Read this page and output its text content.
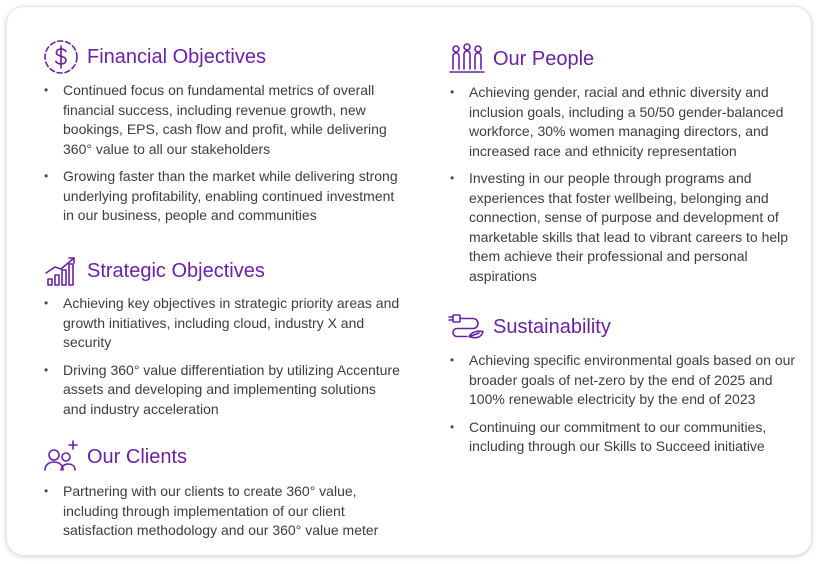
Financial Objectives
• Continued focus on fundamental metrics of overall financial success, including revenue growth, new bookings, EPS, cash flow and profit, while delivering 360° value to all our stakeholders
• Growing faster than the market while delivering strong underlying profitability, enabling continued investment in our business, people and communities
Strategic Objectives
• Achieving key objectives in strategic priority areas and growth initiatives, including cloud, industry X and security
• Driving 360° value differentiation by utilizing Accenture assets and developing and implementing solutions and industry acceleration
Our Clients
• Partnering with our clients to create 360° value, including through implementation of our client satisfaction methodology and our 360° value meter
Our People
• Achieving gender, racial and ethnic diversity and inclusion goals, including a 50/50 gender-balanced workforce, 30% women managing directors, and increased race and ethnicity representation
• Investing in our people through programs and experiences that foster wellbeing, belonging and connection, sense of purpose and development of marketable skills that lead to vibrant careers to help them achieve their professional and personal aspirations
Sustainability
• Achieving specific environmental goals based on our broader goals of net-zero by the end of 2025 and 100% renewable electricity by the end of 2023
• Continuing our commitment to our communities, including through our Skills to Succeed initiative
